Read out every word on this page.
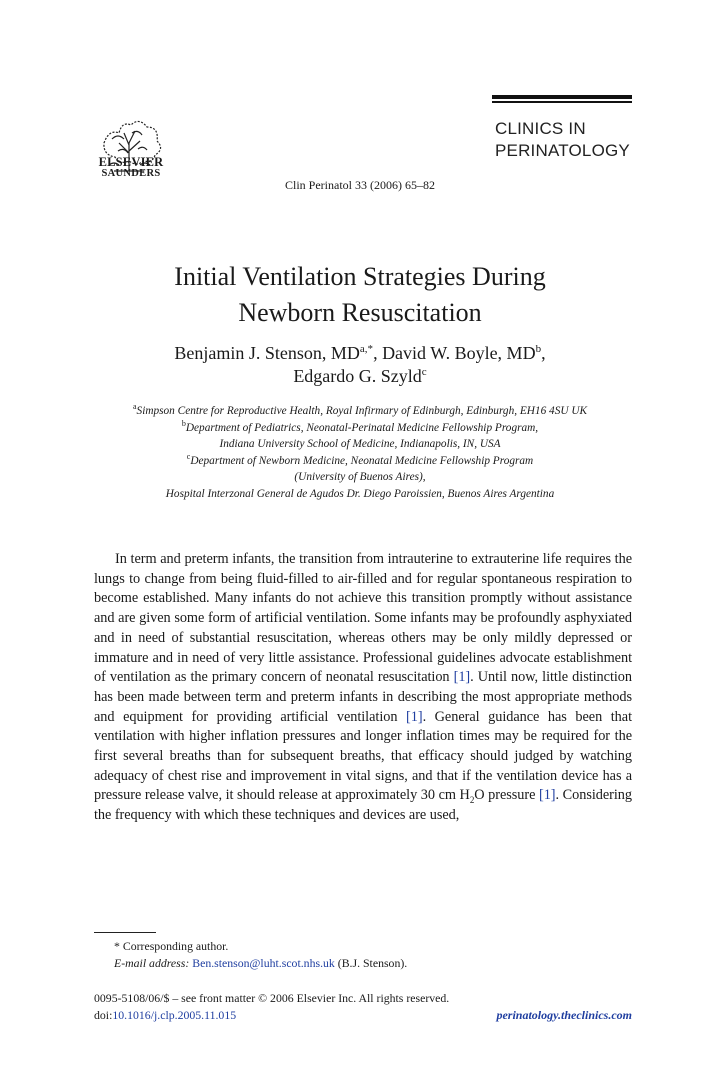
ELSEVIER
SAUNDERS
CLINICS IN
PERINATOLOGY
Clin Perinatol 33 (2006) 65–82
Initial Ventilation Strategies During
Newborn Resuscitation
Benjamin J. Stenson, $MD^{a,*}$, David W. Boyle, $MD^b$,
Edgardo G. Szyld$^c$
$^a$Simpson Centre for Reproductive Health, Royal Infirmary of Edinburgh, Edinburgh, EH16 4SU UK
$^b$Department of Pediatrics, Neonatal-Perinatal Medicine Fellowship Program,
Indiana University School of Medicine, Indianapolis, IN, USA
$^c$Department of Newborn Medicine, Neonatal Medicine Fellowship Program
(University of Buenos Aires),
Hospital Interzonal General de Agudos Dr. Diego Paroissien, Buenos Aires Argentina

In term and preterm infants, the transition from intrauterine to extrauterine life requires the lungs to change from being fluid-filled to air-filled and for regular spontaneous respiration to become established. Many infants do not achieve this transition promptly without assistance and are given some form of artificial ventilation. Some infants may be profoundly asphyxiated and in need of substantial resuscitation, whereas others may be only mildly depressed or immature and in need of very little assistance. Professional guidelines advocate establishment of ventilation as the primary concern of neonatal resuscitation [1]. Until now, little distinction has been made between term and preterm infants in describing the most appropriate methods and equipment for providing artificial ventilation [1]. General guidance has been that ventilation with higher inflation pressures and longer inflation times may be required for the first several breaths than for subsequent breaths, that efficacy should judged by watching adequacy of chest rise and improvement in vital signs, and that if the ventilation device has a pressure release valve, it should release at approximately 30 cm $H_2O$ pressure [1]. Considering the frequency with which these techniques and devices are used,

* Corresponding author.
E-mail address: Ben.stenson@luht.scot.nhs.uk (B.J. Stenson).
0095-5108/06/$ – see front matter © 2006 Elsevier Inc. All rights reserved.
doi:10.1016/j.clp.2005.11.015	perinatology.theclinics.com
